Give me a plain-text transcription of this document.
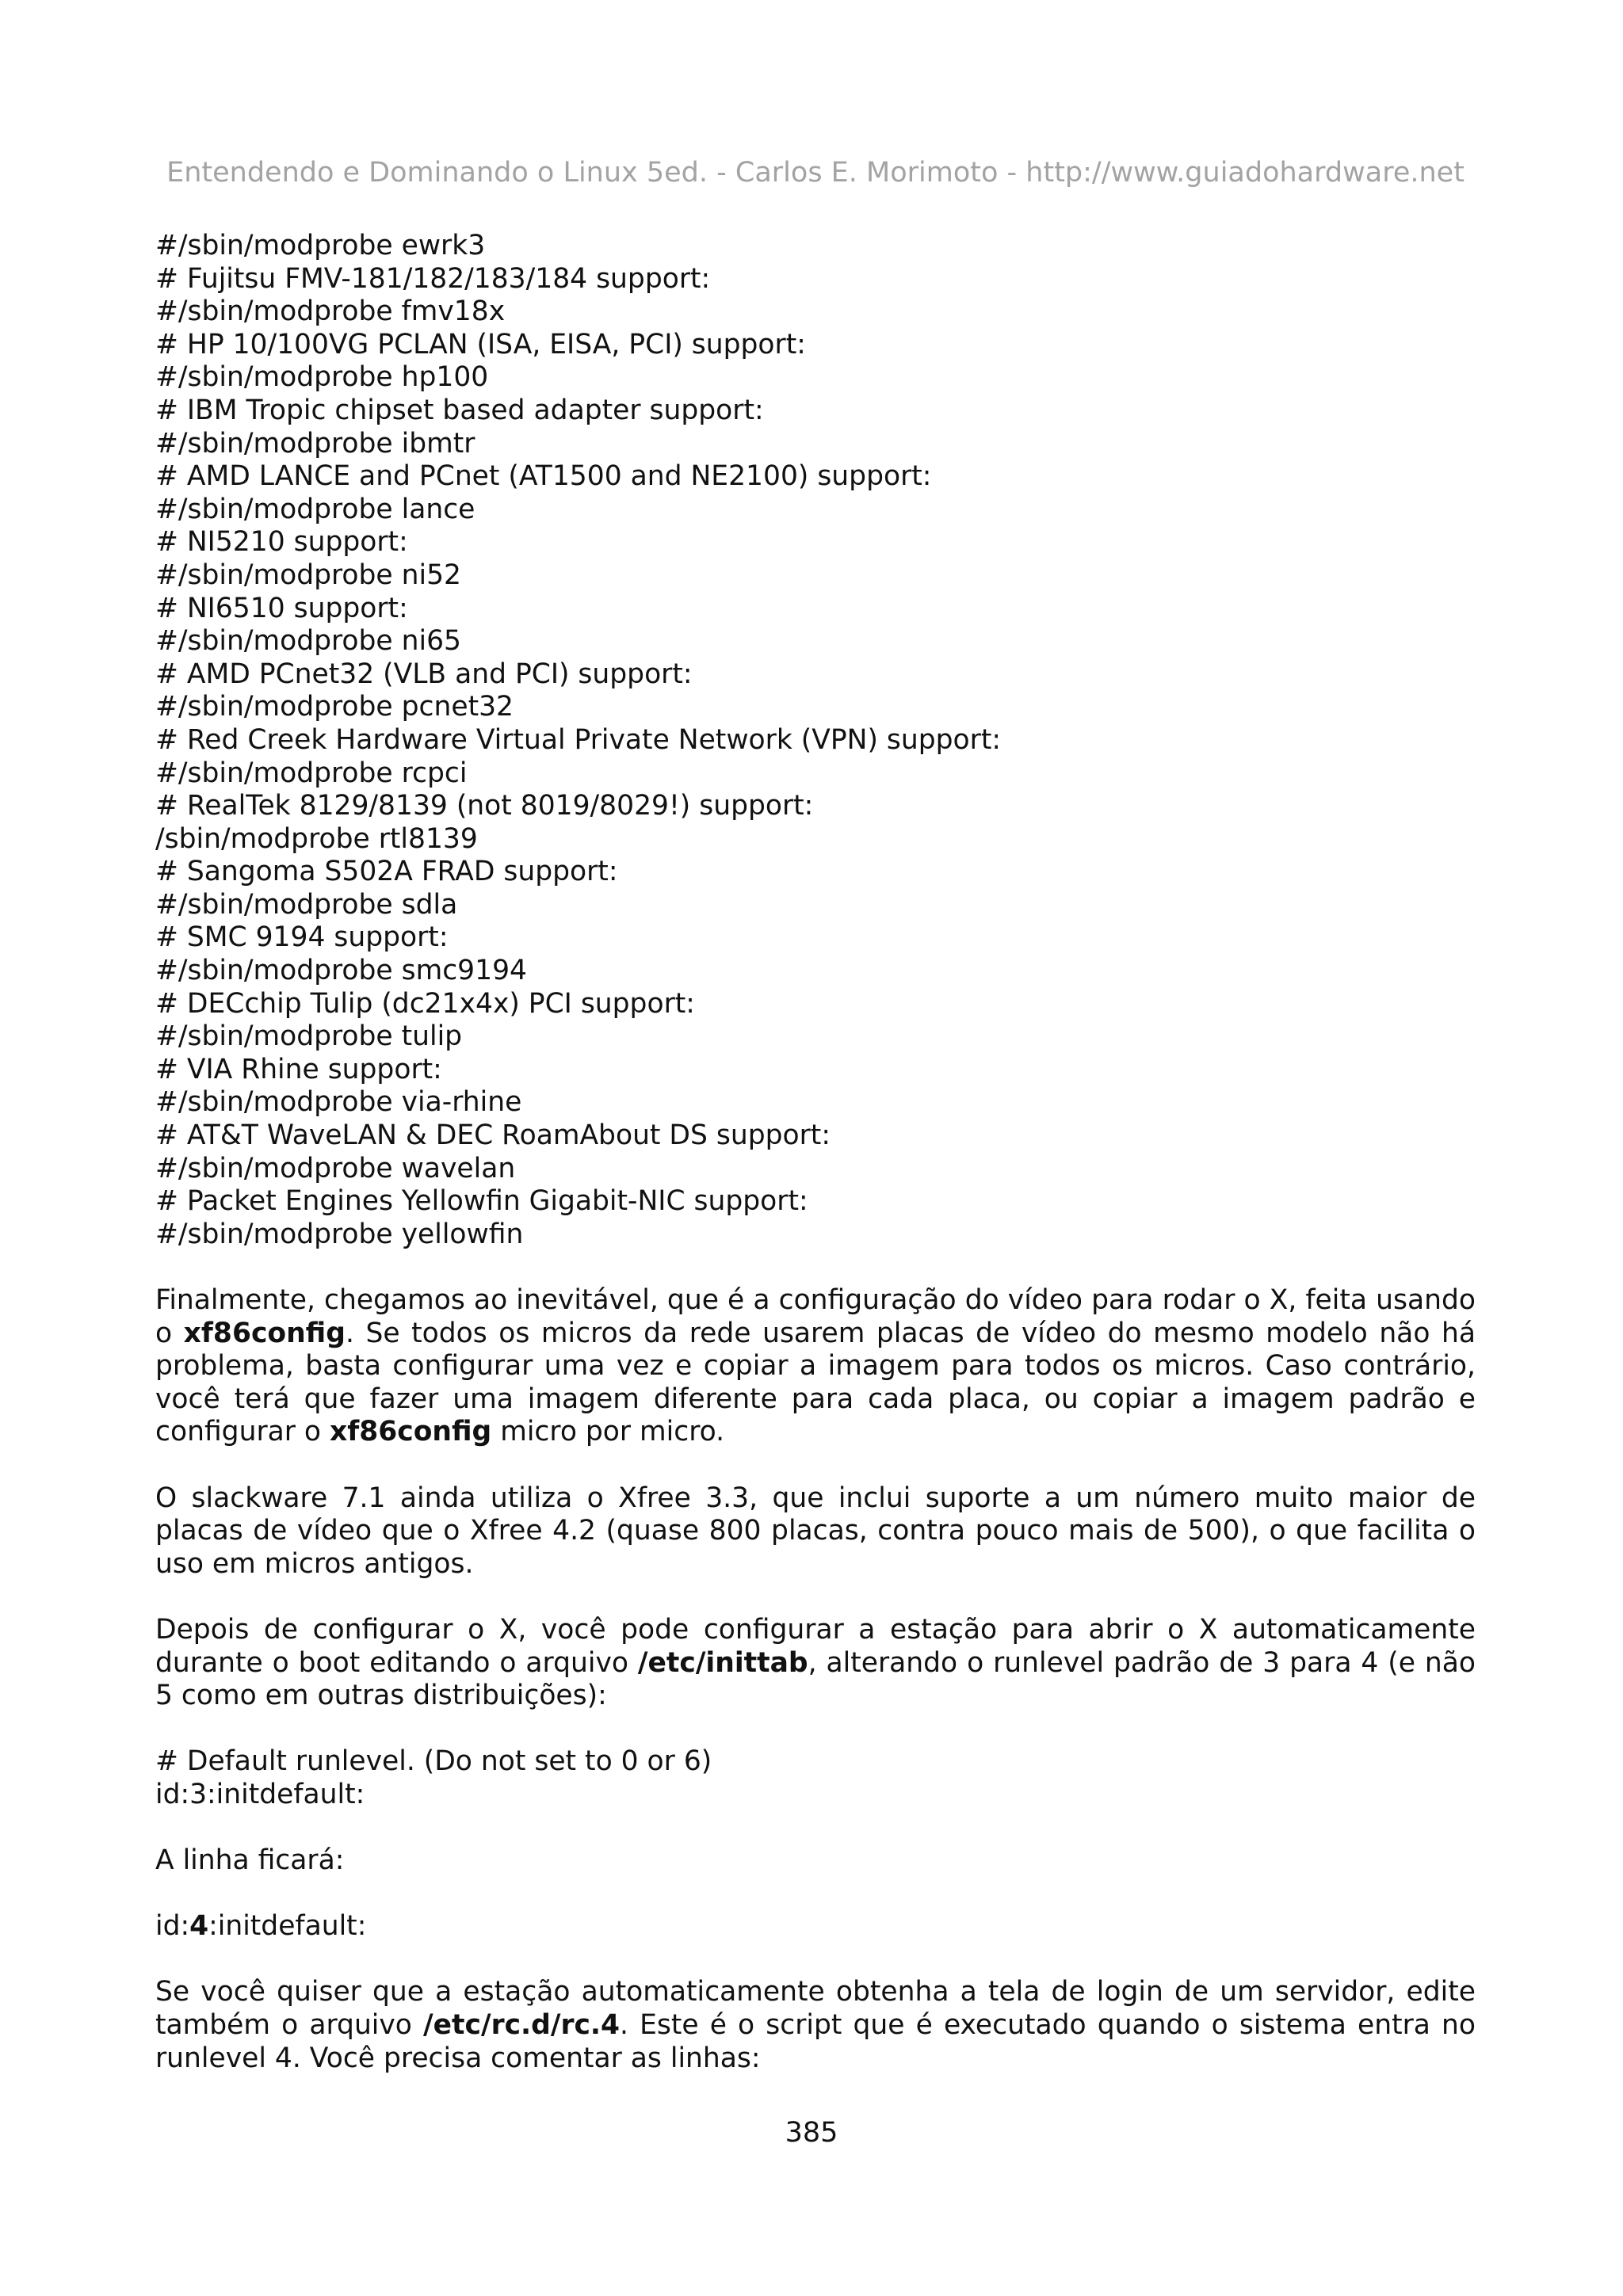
Entendendo e Dominando o Linux 5ed. - Carlos E. Morimoto - http://www.guiadohardware.net
#/sbin/modprobe ewrk3
# Fujitsu FMV-181/182/183/184 support:
#/sbin/modprobe fmv18x
# HP 10/100VG PCLAN (ISA, EISA, PCI) support:
#/sbin/modprobe hp100
# IBM Tropic chipset based adapter support:
#/sbin/modprobe ibmtr
# AMD LANCE and PCnet (AT1500 and NE2100) support:
#/sbin/modprobe lance
# NI5210 support:
#/sbin/modprobe ni52
# NI6510 support:
#/sbin/modprobe ni65
# AMD PCnet32 (VLB and PCI) support:
#/sbin/modprobe pcnet32
# Red Creek Hardware Virtual Private Network (VPN) support:
#/sbin/modprobe rcpci
# RealTek 8129/8139 (not 8019/8029!) support:
/sbin/modprobe rtl8139
# Sangoma S502A FRAD support:
#/sbin/modprobe sdla
# SMC 9194 support:
#/sbin/modprobe smc9194
# DECchip Tulip (dc21x4x) PCI support:
#/sbin/modprobe tulip
# VIA Rhine support:
#/sbin/modprobe via-rhine
# AT&T WaveLAN & DEC RoamAbout DS support:
#/sbin/modprobe wavelan
# Packet Engines Yellowfin Gigabit-NIC support:
#/sbin/modprobe yellowfin

Finalmente, chegamos ao inevitável, que é a configuração do vídeo para rodar o X, feita usando o xf86config. Se todos os micros da rede usarem placas de vídeo do mesmo modelo não há problema, basta configurar uma vez e copiar a imagem para todos os micros. Caso contrário, você terá que fazer uma imagem diferente para cada placa, ou copiar a imagem padrão e configurar o xf86config micro por micro.

O slackware 7.1 ainda utiliza o Xfree 3.3, que inclui suporte a um número muito maior de placas de vídeo que o Xfree 4.2 (quase 800 placas, contra pouco mais de 500), o que facilita o uso em micros antigos.

Depois de configurar o X, você pode configurar a estação para abrir o X automaticamente durante o boot editando o arquivo /etc/inittab, alterando o runlevel padrão de 3 para 4 (e não 5 como em outras distribuições):

# Default runlevel. (Do not set to 0 or 6)
id:3:initdefault:
A linha ficará:
id:4:initdefault:

Se você quiser que a estação automaticamente obtenha a tela de login de um servidor, edite também o arquivo /etc/rc.d/rc.4. Este é o script que é executado quando o sistema entra no runlevel 4. Você precisa comentar as linhas:

385
